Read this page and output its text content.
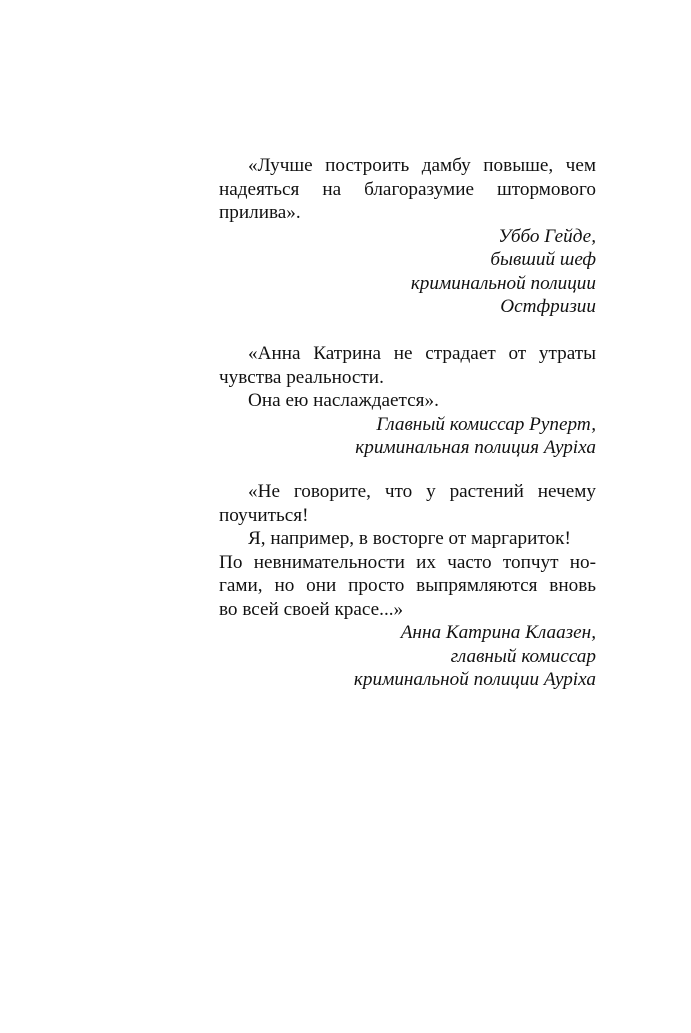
«Лучше построить дамбу повыше, чем
надеяться на благоразумие штормового
прилива».
Уббо Гейде,
бывший шеф
криминальной полиции
Остфризии
«Анна Катрина не страдает от утраты
чувства реальности.
Она ею наслаждается».
Главный комиссар Руперт,
криминальная полиция Аурiха
«Не говорите, что у растений нечему
поучиться!
Я, например, в восторге от маргариток!
По невнимательности их часто топчут но-
гами, но они просто выпрямляются вновь
во всей своей красе...»
Анна Катрина Клаазен,
главный комиссар
криминальной полиции Аурiха
